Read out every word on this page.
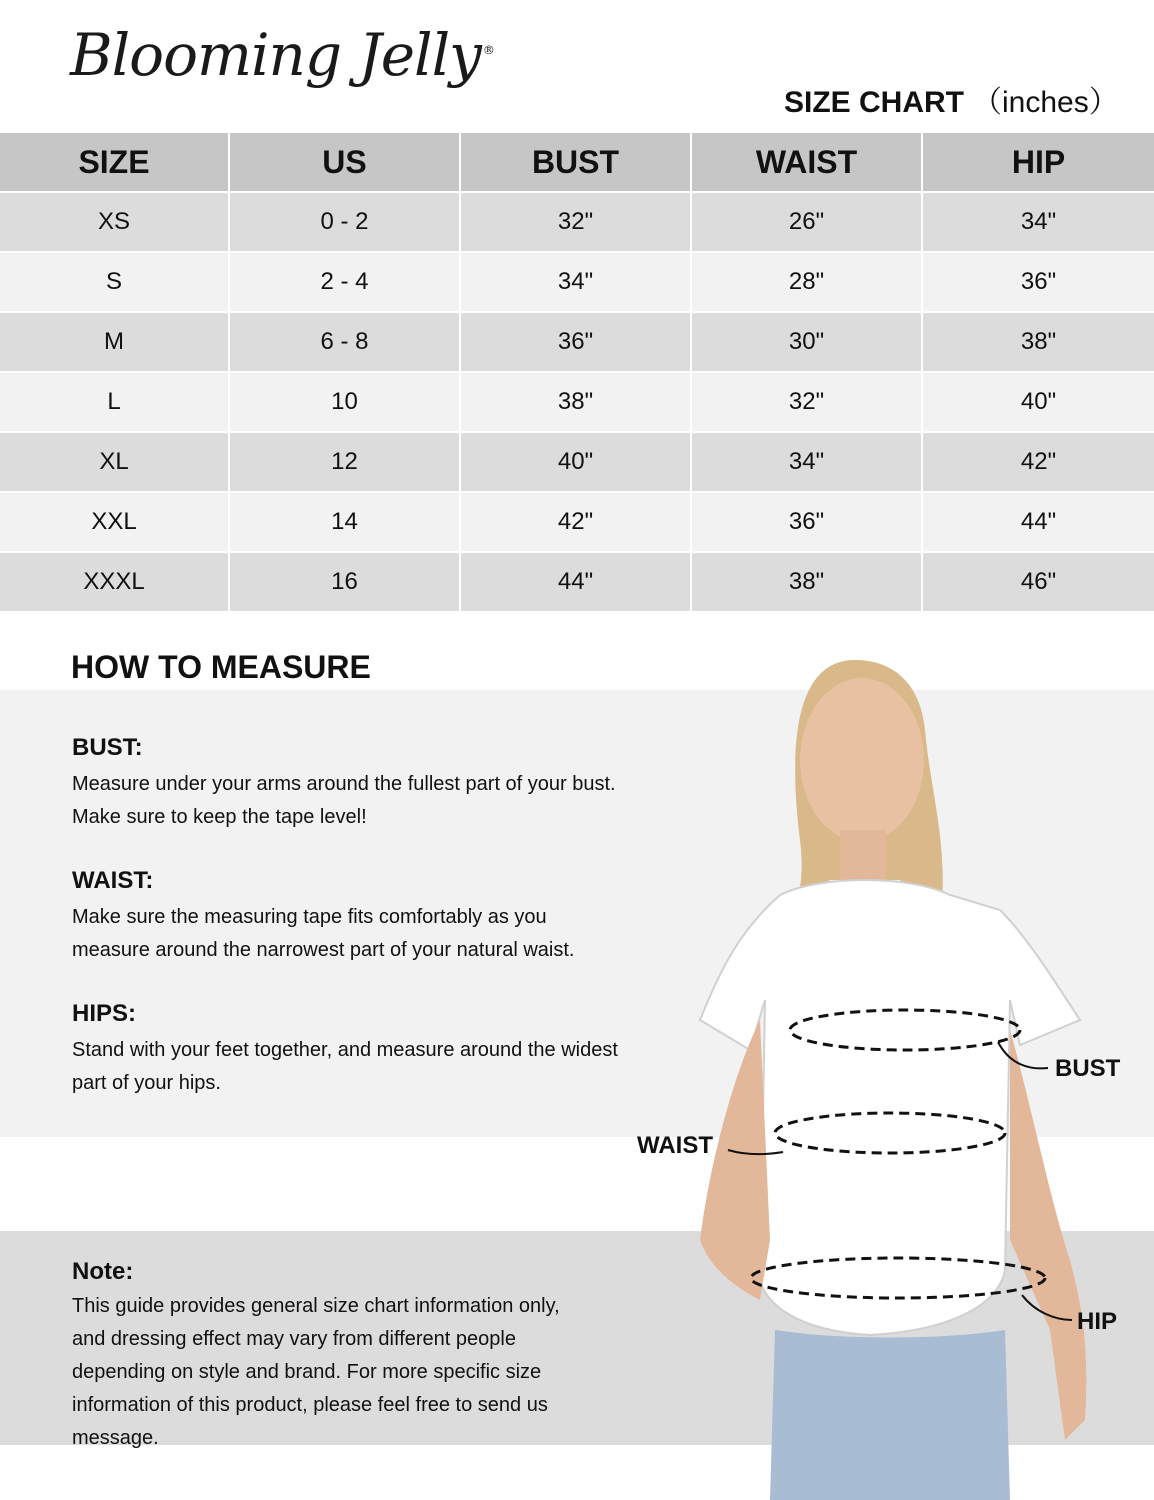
Blooming Jelly ®
SIZE CHART （inches）
SIZE	US	BUST	WAIST	HIP
XS	0 - 2	32"	26"	34"
S	2 - 4	34"	28"	36"
M	6 - 8	36"	30"	38"
L	10	38"	32"	40"
XL	12	40"	34"	42"
XXL	14	42"	36"	44"
XXXL	16	44"	38"	46"
HOW TO MEASURE
BUST:

Measure under your arms around the fullest part of your bust.

Make sure to keep the tape level!

WAIST:

Make sure the measuring tape fits comfortably as you

measure around the narrowest part of your natural waist.

HIPS:

Stand with your feet together, and measure around the widest

part of your hips.

Note:

This guide provides general size chart information only,

and dressing effect may vary from different people

depending on style and brand. For more specific size

information of this product, please feel free to send us

message.

BUST
WAIST
HIP
